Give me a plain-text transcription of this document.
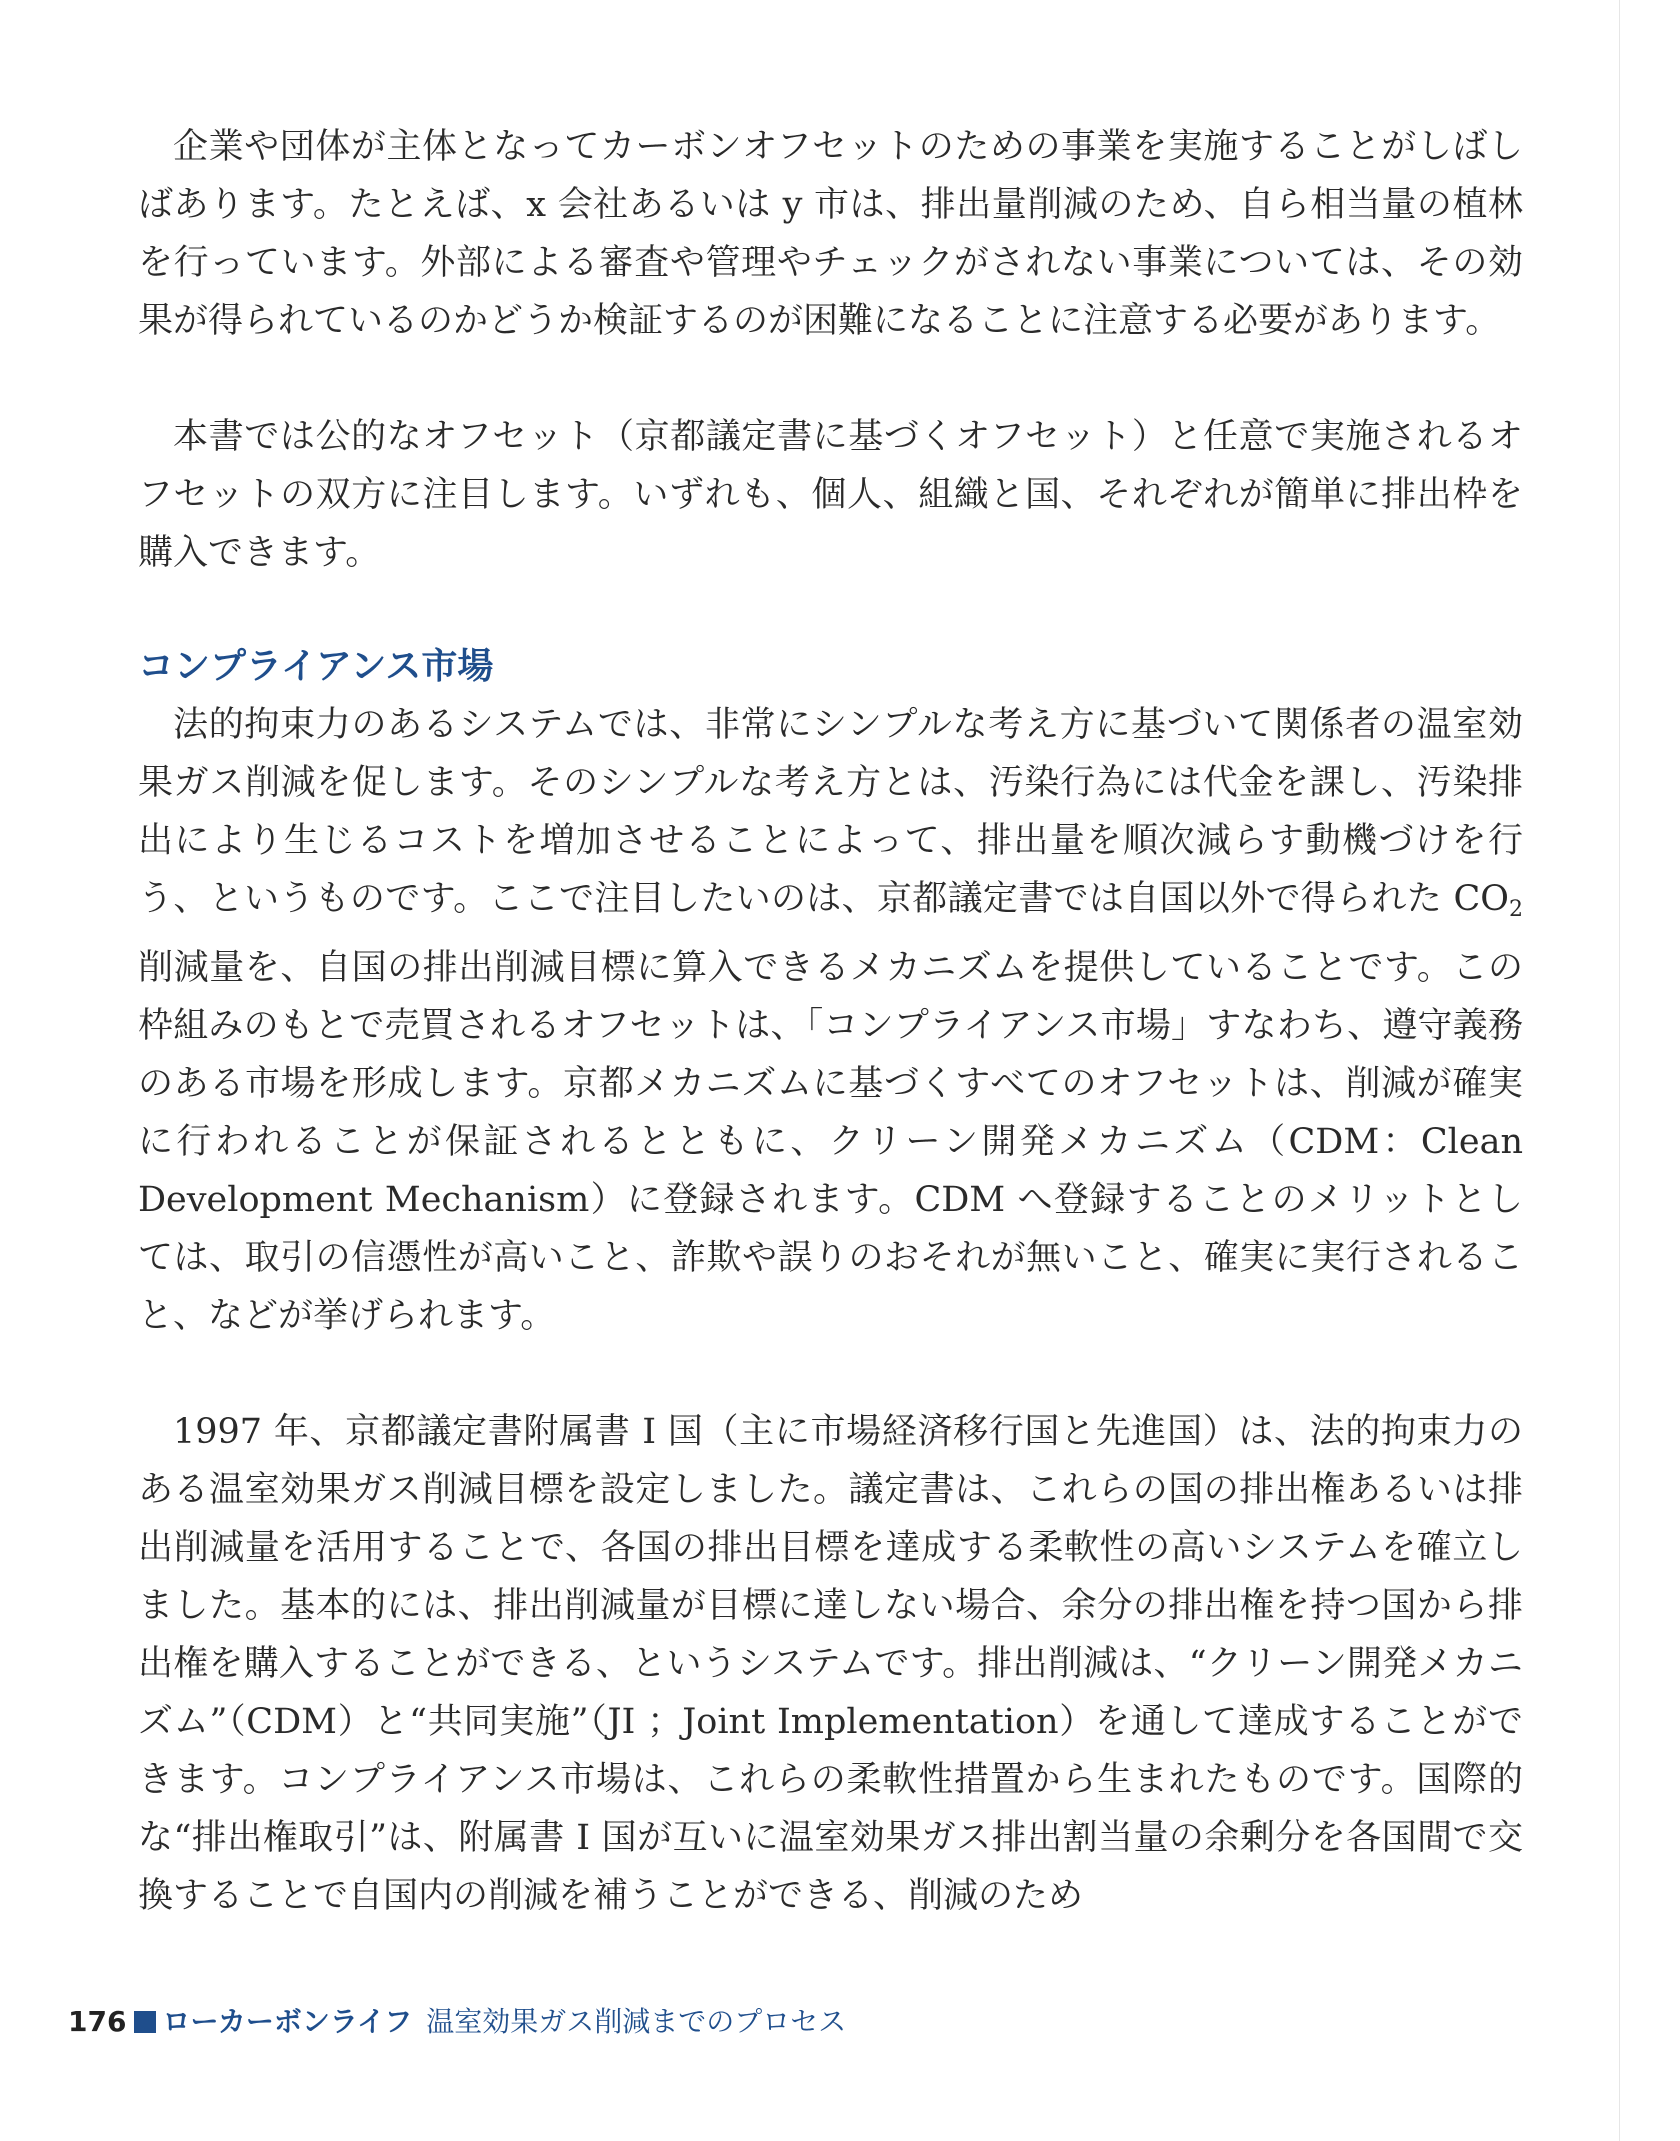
企業や団体が主体となってカーボンオフセットのための事業を実施することがしばしばあります。たとえば、x 会社あるいは y 市は、排出量削減のため、自ら相当量の植林を行っています。外部による審査や管理やチェックがされない事業については、その効果が得られているのかどうか検証するのが困難になることに注意する必要があります。

本書では公的なオフセット（京都議定書に基づくオフセット）と任意で実施されるオフセットの双方に注目します。いずれも、個人、組織と国、それぞれが簡単に排出枠を購入できます。

コンプライアンス市場

法的拘束力のあるシステムでは、非常にシンプルな考え方に基づいて関係者の温室効果ガス削減を促します。そのシンプルな考え方とは、汚染行為には代金を課し、汚染排出により生じるコストを増加させることによって、排出量を順次減らす動機づけを行う、というものです。ここで注目したいのは、京都議定書では自国以外で得られた $CO_2$ 削減量を、自国の排出削減目標に算入できるメカニズムを提供していることです。この枠組みのもとで売買されるオフセットは、「コンプライアンス市場」すなわち、遵守義務のある市場を形成します。京都メカニズムに基づくすべてのオフセットは、削減が確実に行われることが保証されるとともに、クリーン開発メカニズム（CDM：Clean Development Mechanism）に登録されます。CDM へ登録することのメリットとしては、取引の信憑性が高いこと、詐欺や誤りのおそれが無いこと、確実に実行されること、などが挙げられます。

1997 年、京都議定書附属書 I 国（主に市場経済移行国と先進国）は、法的拘束力のある温室効果ガス削減目標を設定しました。議定書は、これらの国の排出権あるいは排出削減量を活用することで、各国の排出目標を達成する柔軟性の高いシステムを確立しました。基本的には、排出削減量が目標に達しない場合、余分の排出権を持つ国から排出権を購入することができる、というシステムです。排出削減は、“クリーン開発メカニズム”（CDM）と“共同実施”（JI ；Joint Implementation）を通して達成することができます。コンプライアンス市場は、これらの柔軟性措置から生まれたものです。国際的な“排出権取引”は、附属書 I 国が互いに温室効果ガス排出割当量の余剰分を各国間で交換することで自国内の削減を補うことができる、削減のため

176 ローカーボンライフ 温室効果ガス削減までのプロセス
